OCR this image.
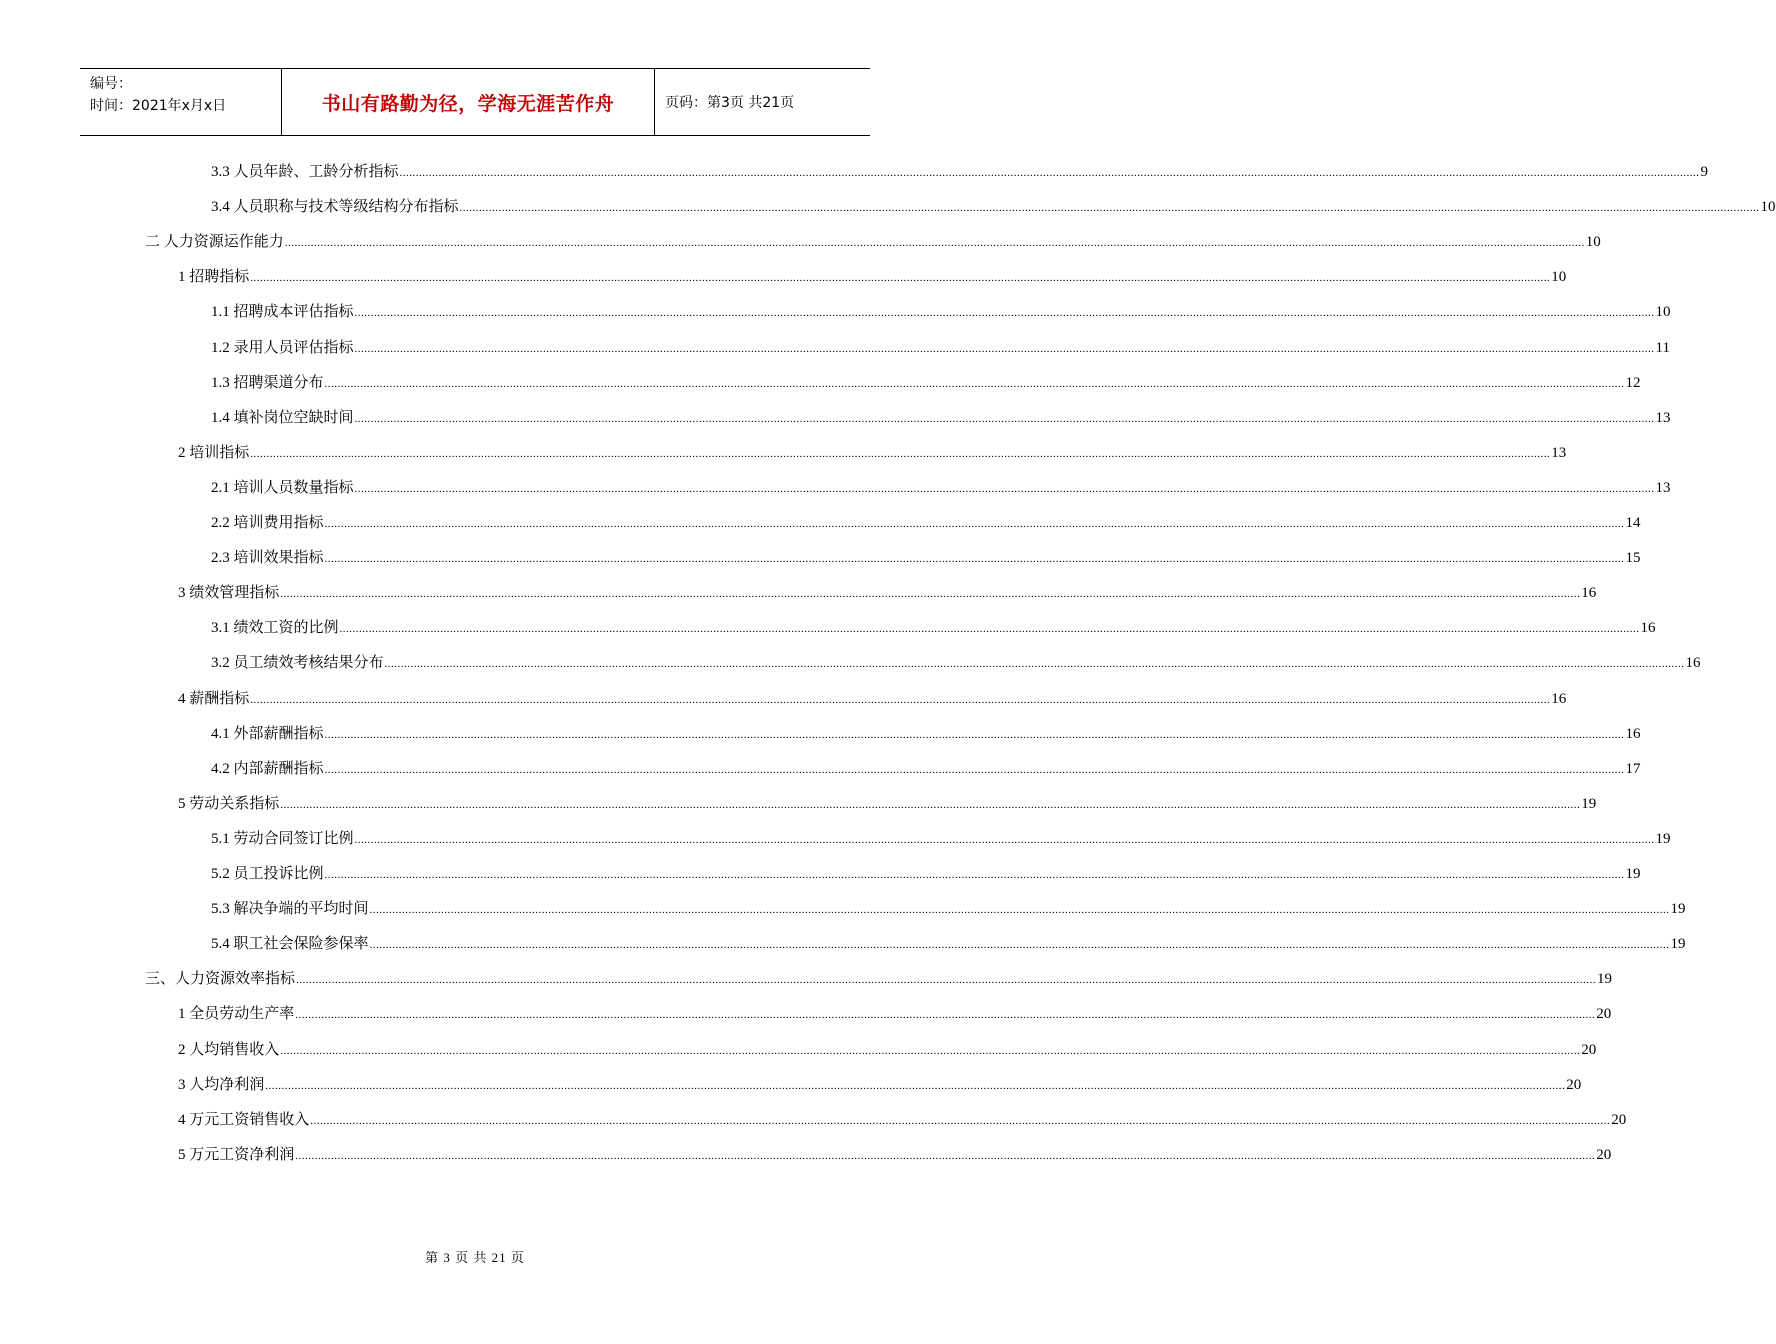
编号：
时间：2021年x月x日	书山有路勤为径，学海无涯苦作舟	页码：第3页 共21页
3.3 人员年龄、工龄分析指标 ................................................................................................................................................................................................................................................................................................................................................................................................................ 9
3.4 人员职称与技术等级结构分布指标 ................................................................................................................................................................................................................................................................................................................................................................................................................ 10
二 人力资源运作能力 ................................................................................................................................................................................................................................................................................................................................................................................................................ 10
1 招聘指标 ................................................................................................................................................................................................................................................................................................................................................................................................................ 10
1.1 招聘成本评估指标 ................................................................................................................................................................................................................................................................................................................................................................................................................ 10
1.2 录用人员评估指标 ................................................................................................................................................................................................................................................................................................................................................................................................................ 11
1.3 招聘渠道分布 ................................................................................................................................................................................................................................................................................................................................................................................................................ 12
1.4 填补岗位空缺时间 ................................................................................................................................................................................................................................................................................................................................................................................................................ 13
2 培训指标 ................................................................................................................................................................................................................................................................................................................................................................................................................ 13
2.1 培训人员数量指标 ................................................................................................................................................................................................................................................................................................................................................................................................................ 13
2.2 培训费用指标 ................................................................................................................................................................................................................................................................................................................................................................................................................ 14
2.3 培训效果指标 ................................................................................................................................................................................................................................................................................................................................................................................................................ 15
3 绩效管理指标 ................................................................................................................................................................................................................................................................................................................................................................................................................ 16
3.1 绩效工资的比例 ................................................................................................................................................................................................................................................................................................................................................................................................................ 16
3.2 员工绩效考核结果分布 ................................................................................................................................................................................................................................................................................................................................................................................................................ 16
4 薪酬指标 ................................................................................................................................................................................................................................................................................................................................................................................................................ 16
4.1 外部薪酬指标 ................................................................................................................................................................................................................................................................................................................................................................................................................ 16
4.2 内部薪酬指标 ................................................................................................................................................................................................................................................................................................................................................................................................................ 17
5 劳动关系指标 ................................................................................................................................................................................................................................................................................................................................................................................................................ 19
5.1 劳动合同签订比例 ................................................................................................................................................................................................................................................................................................................................................................................................................ 19
5.2 员工投诉比例 ................................................................................................................................................................................................................................................................................................................................................................................................................ 19
5.3 解决争端的平均时间 ................................................................................................................................................................................................................................................................................................................................................................................................................ 19
5.4 职工社会保险参保率 ................................................................................................................................................................................................................................................................................................................................................................................................................ 19
三、人力资源效率指标 ................................................................................................................................................................................................................................................................................................................................................................................................................ 19
1 全员劳动生产率 ................................................................................................................................................................................................................................................................................................................................................................................................................ 20
2 人均销售收入 ................................................................................................................................................................................................................................................................................................................................................................................................................ 20
3 人均净利润 ................................................................................................................................................................................................................................................................................................................................................................................................................ 20
4 万元工资销售收入 ................................................................................................................................................................................................................................................................................................................................................................................................................ 20
5 万元工资净利润 ................................................................................................................................................................................................................................................................................................................................................................................................................ 20
第 3 页 共 21 页
